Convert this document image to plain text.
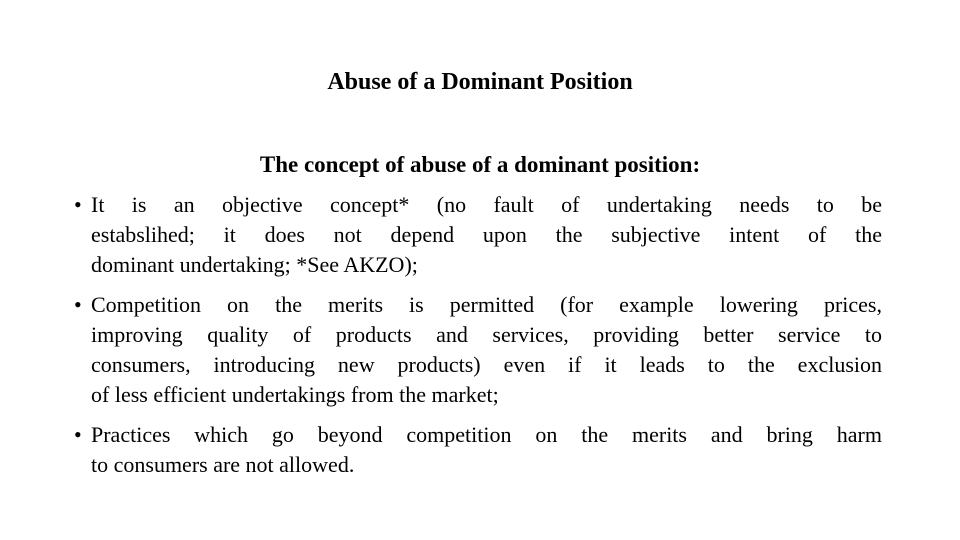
Abuse of a Dominant Position
The concept of abuse of a dominant position:
• It is an objective concept* (no fault of undertaking needs to be
estabslihed; it does not depend upon the subjective intent of the
dominant undertaking; *See AKZO);
• Competition on the merits is permitted (for example lowering prices,
improving quality of products and services, providing better service to
consumers, introducing new products) even if it leads to the exclusion
of less efficient undertakings from the market;
• Practices which go beyond competition on the merits and bring harm
to consumers are not allowed.
